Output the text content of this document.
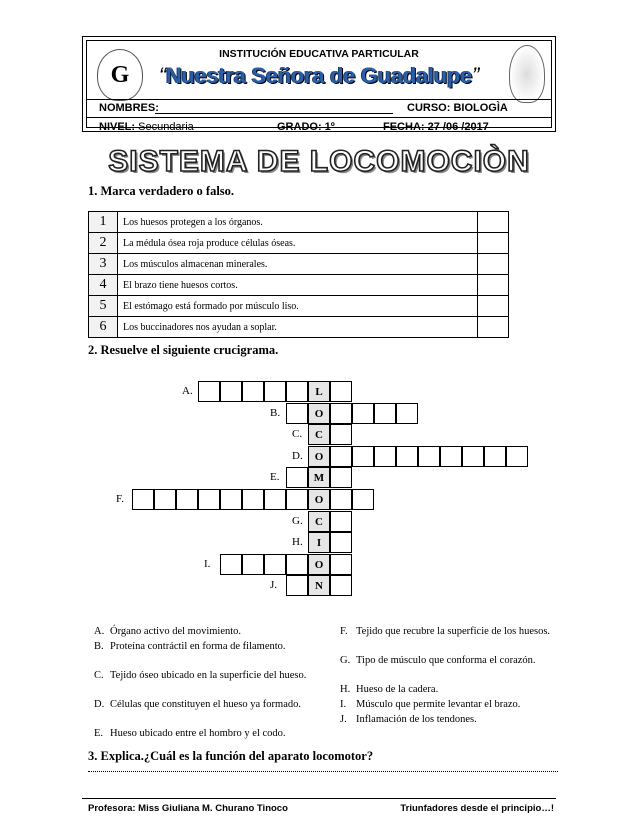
G
INSTITUCIÓN EDUCATIVA PARTICULAR
“Nuestra Señora de Guadalupe”
NOMBRES:	CURSO: BIOLOGÌA
NIVEL: Secundaria	GRADO: 1º	FECHA: 27 /06 /2017
SISTEMA DE LOCOMOCIÒN
1. Marca verdadero o falso.
1	Los huesos protegen a los órganos.	
2	La médula ósea roja produce células óseas.	
3	Los músculos almacenan minerales.	
4	El brazo tiene huesos cortos.	
5	El estómago está formado por músculo liso.	
6	Los buccinadores nos ayudan a soplar.	
2. Resuelve el siguiente crucigrama.
L
A.
O
B.
C
C.
O
D.
M
E.
O
F.
C
G.
I
H.
O
I.
N
J.
A. Órgano activo del movimiento.
B. Proteína contráctil en forma de filamento.
C. Tejido óseo ubicado en la superficie del hueso.
D. Células que constituyen el hueso ya formado.
E. Hueso ubicado entre el hombro y el codo.
F. Tejido que recubre la superficie de los huesos.
G. Tipo de músculo que conforma el corazón.
H. Hueso de la cadera.
I. Músculo que permite levantar el brazo.
J. Inflamación de los tendones.
3. Explica.¿Cuál es la función del aparato locomotor?
Profesora: Miss Giuliana M. Churano Tinoco	Triunfadores desde el principio…!
